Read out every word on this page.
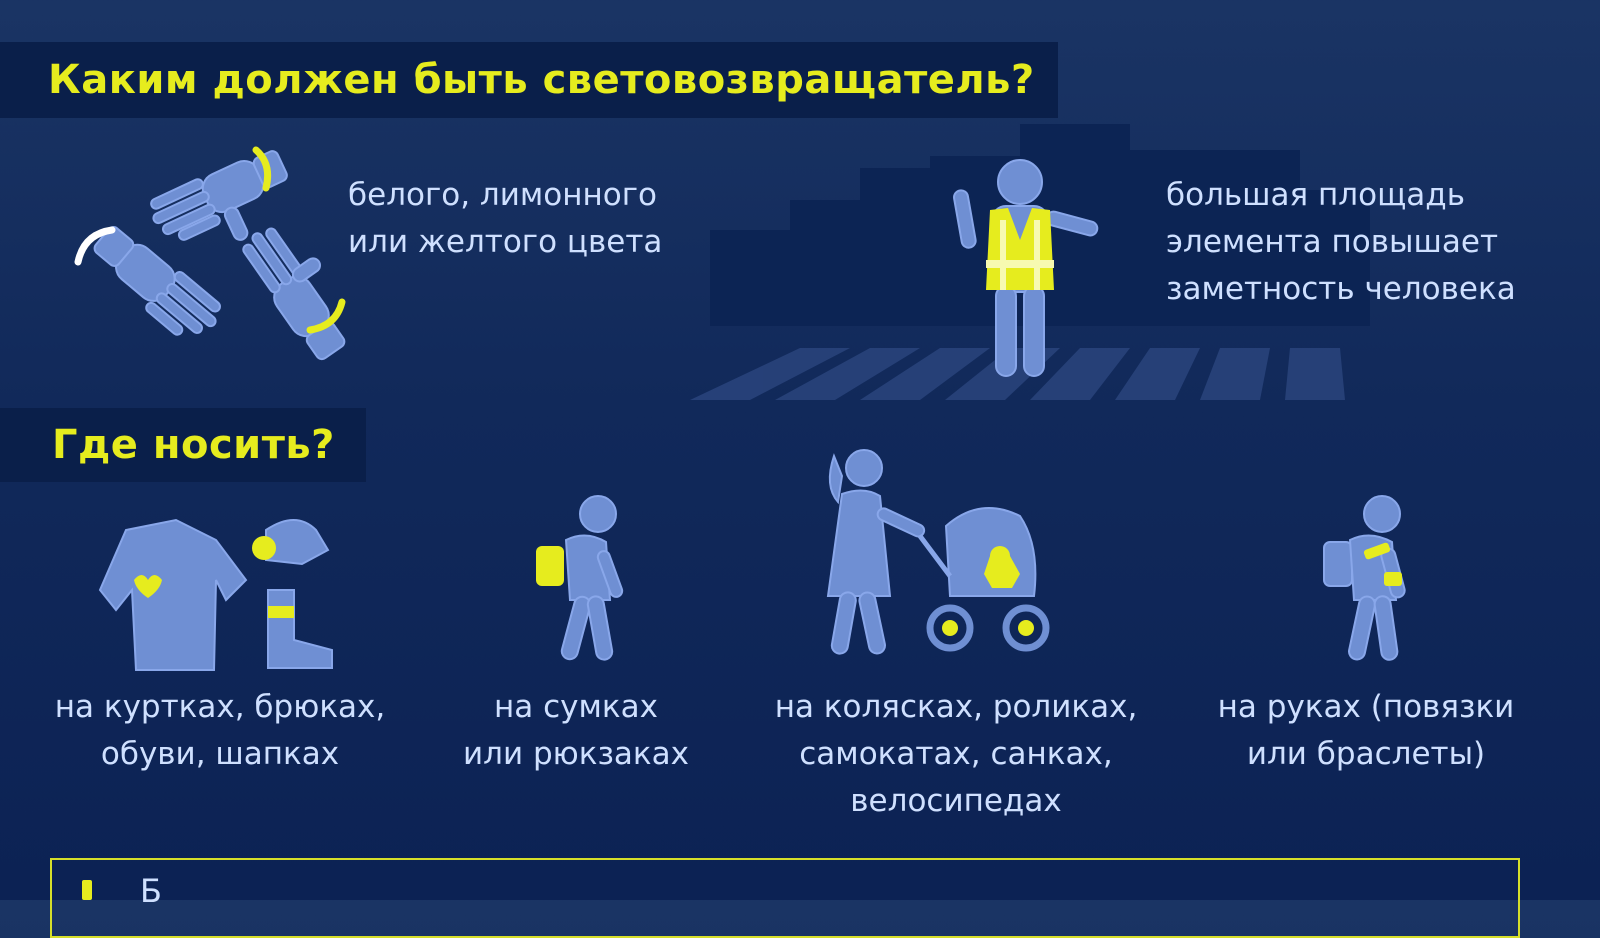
Каким должен быть световозвращатель?
белого, лимонного
или желтого цвета
большая площадь
элемента повышает
заметность человека
Где носить?
на куртках, брюках,
обуви, шапках
на сумках
или рюкзаках
на колясках, роликах,
самокатах, санках,
велосипедах
на руках (повязки
или браслеты)
Б
